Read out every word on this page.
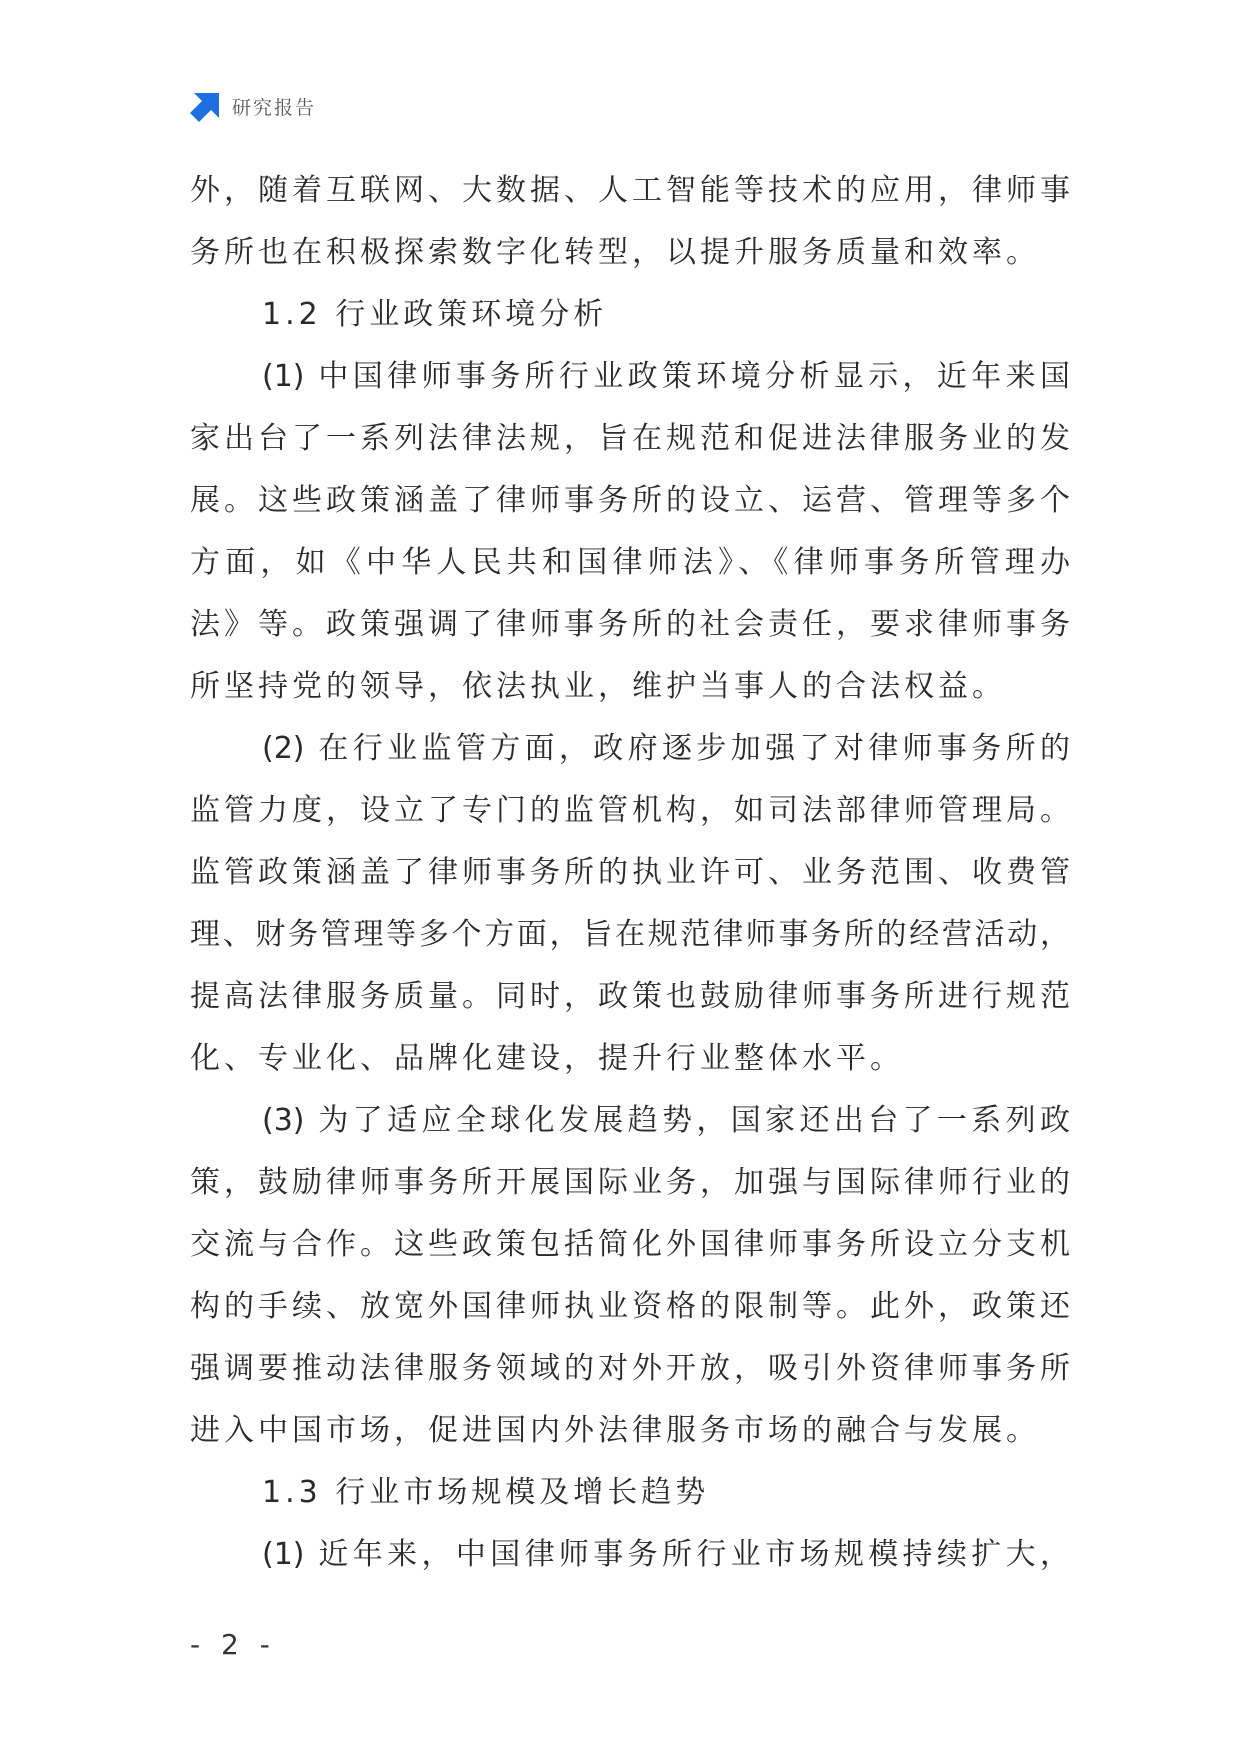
研究报告
外，随着互联网、大数据、人工智能等技术的应用，律师事
务所也在积极探索数字化转型，以提升服务质量和效率。
1.2 行业政策环境分析
(1) 中国律师事务所行业政策环境分析显示，近年来国
家出台了一系列法律法规，旨在规范和促进法律服务业的发
展。这些政策涵盖了律师事务所的设立、运营、管理等多个
方面，如《中华人民共和国律师法》、《律师事务所管理办
法》等。政策强调了律师事务所的社会责任，要求律师事务
所坚持党的领导，依法执业，维护当事人的合法权益。
(2) 在行业监管方面，政府逐步加强了对律师事务所的
监管力度，设立了专门的监管机构，如司法部律师管理局。
监管政策涵盖了律师事务所的执业许可、业务范围、收费管
理、财务管理等多个方面，旨在规范律师事务所的经营活动，
提高法律服务质量。同时，政策也鼓励律师事务所进行规范
化、专业化、品牌化建设，提升行业整体水平。
(3) 为了适应全球化发展趋势，国家还出台了一系列政
策，鼓励律师事务所开展国际业务，加强与国际律师行业的
交流与合作。这些政策包括简化外国律师事务所设立分支机
构的手续、放宽外国律师执业资格的限制等。此外，政策还
强调要推动法律服务领域的对外开放，吸引外资律师事务所
进入中国市场，促进国内外法律服务市场的融合与发展。
1.3 行业市场规模及增长趋势
(1) 近年来，中国律师事务所行业市场规模持续扩大，
- 2 -
